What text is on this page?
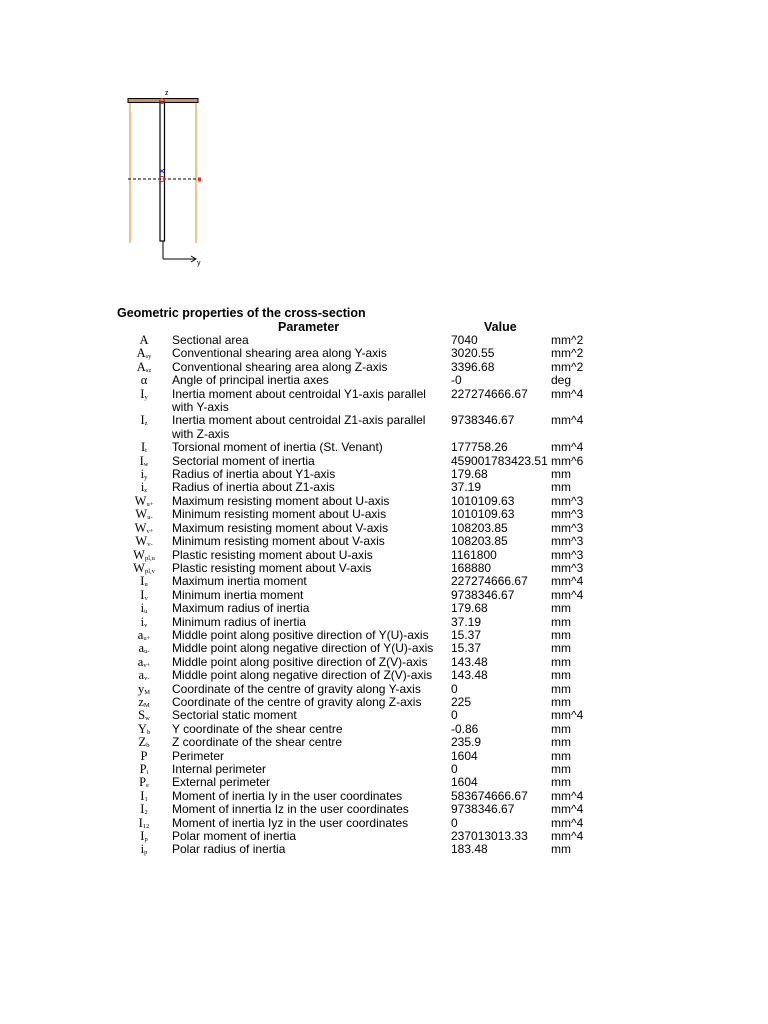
z
y
Geometric properties of the cross-section
Parameter	Value
A	Sectional area	7040	mm^2
$A_{sy}$	Conventional shearing area along Y-axis	3020.55	mm^2
$A_{sz}$	Conventional shearing area along Z-axis	3396.68	mm^2
α	Angle of principal inertia axes	-0	deg
$I_y$	Inertia moment about centroidal Y1-axis parallel with Y-axis
227274666.67	mm^4
$I_z$	Inertia moment about centroidal Z1-axis parallel with Z-axis
9738346.67	mm^4
$I_t$	Torsional moment of inertia (St. Venant)	177758.26	mm^4
$I_w$	Sectorial moment of inertia	459001783423.51 mm^6
$i_y$	Radius of inertia about Y1-axis	179.68	mm
$i_z$	Radius of inertia about Z1-axis	37.19	mm
$W_{u+}$	Maximum resisting moment about U-axis	1010109.63	mm^3
$W_{u-}$	Minimum resisting moment about U-axis	1010109.63	mm^3
$W_{v+}$	Maximum resisting moment about V-axis	108203.85	mm^3
$W_{v-}$	Minimum resisting moment about V-axis	108203.85	mm^3
$W_{pl,u}$	Plastic resisting moment about U-axis	1161800	mm^3
$W_{pl,v}$	Plastic resisting moment about V-axis	168880	mm^3
$I_u$	Maximum inertia moment	227274666.67	mm^4
$I_v$	Minimum inertia moment	9738346.67	mm^4
$i_u$	Maximum radius of inertia	179.68	mm
$i_v$	Minimum radius of inertia	37.19	mm
$a_{u+}$	Middle point along positive direction of Y(U)-axis	15.37	mm
$a_{u-}$	Middle point along negative direction of Y(U)-axis	15.37	mm
$a_{v+}$	Middle point along positive direction of Z(V)-axis	143.48	mm
$a_{v-}$	Middle point along negative direction of Z(V)-axis	143.48	mm
$y_M$	Coordinate of the centre of gravity along Y-axis	0	mm
$z_M$	Coordinate of the centre of gravity along Z-axis	225	mm
$S_w$	Sectorial static moment	0	mm^4
$Y_b$	Y coordinate of the shear centre	-0.86	mm
$Z_b$	Z coordinate of the shear centre	235.9	mm
P	Perimeter	1604	mm
$P_i$	Internal perimeter	0	mm
$P_e$	External perimeter	1604	mm
$I_1$	Moment of inertia Iy in the user coordinates	583674666.67	mm^4
$I_2$	Moment of innertia Iz in the user coordinates	9738346.67	mm^4
$I_{12}$	Moment of inertia Iyz in the user coordinates	0	mm^4
$I_p$	Polar moment of inertia	237013013.33	mm^4
$i_p$	Polar radius of inertia	183.48	mm
